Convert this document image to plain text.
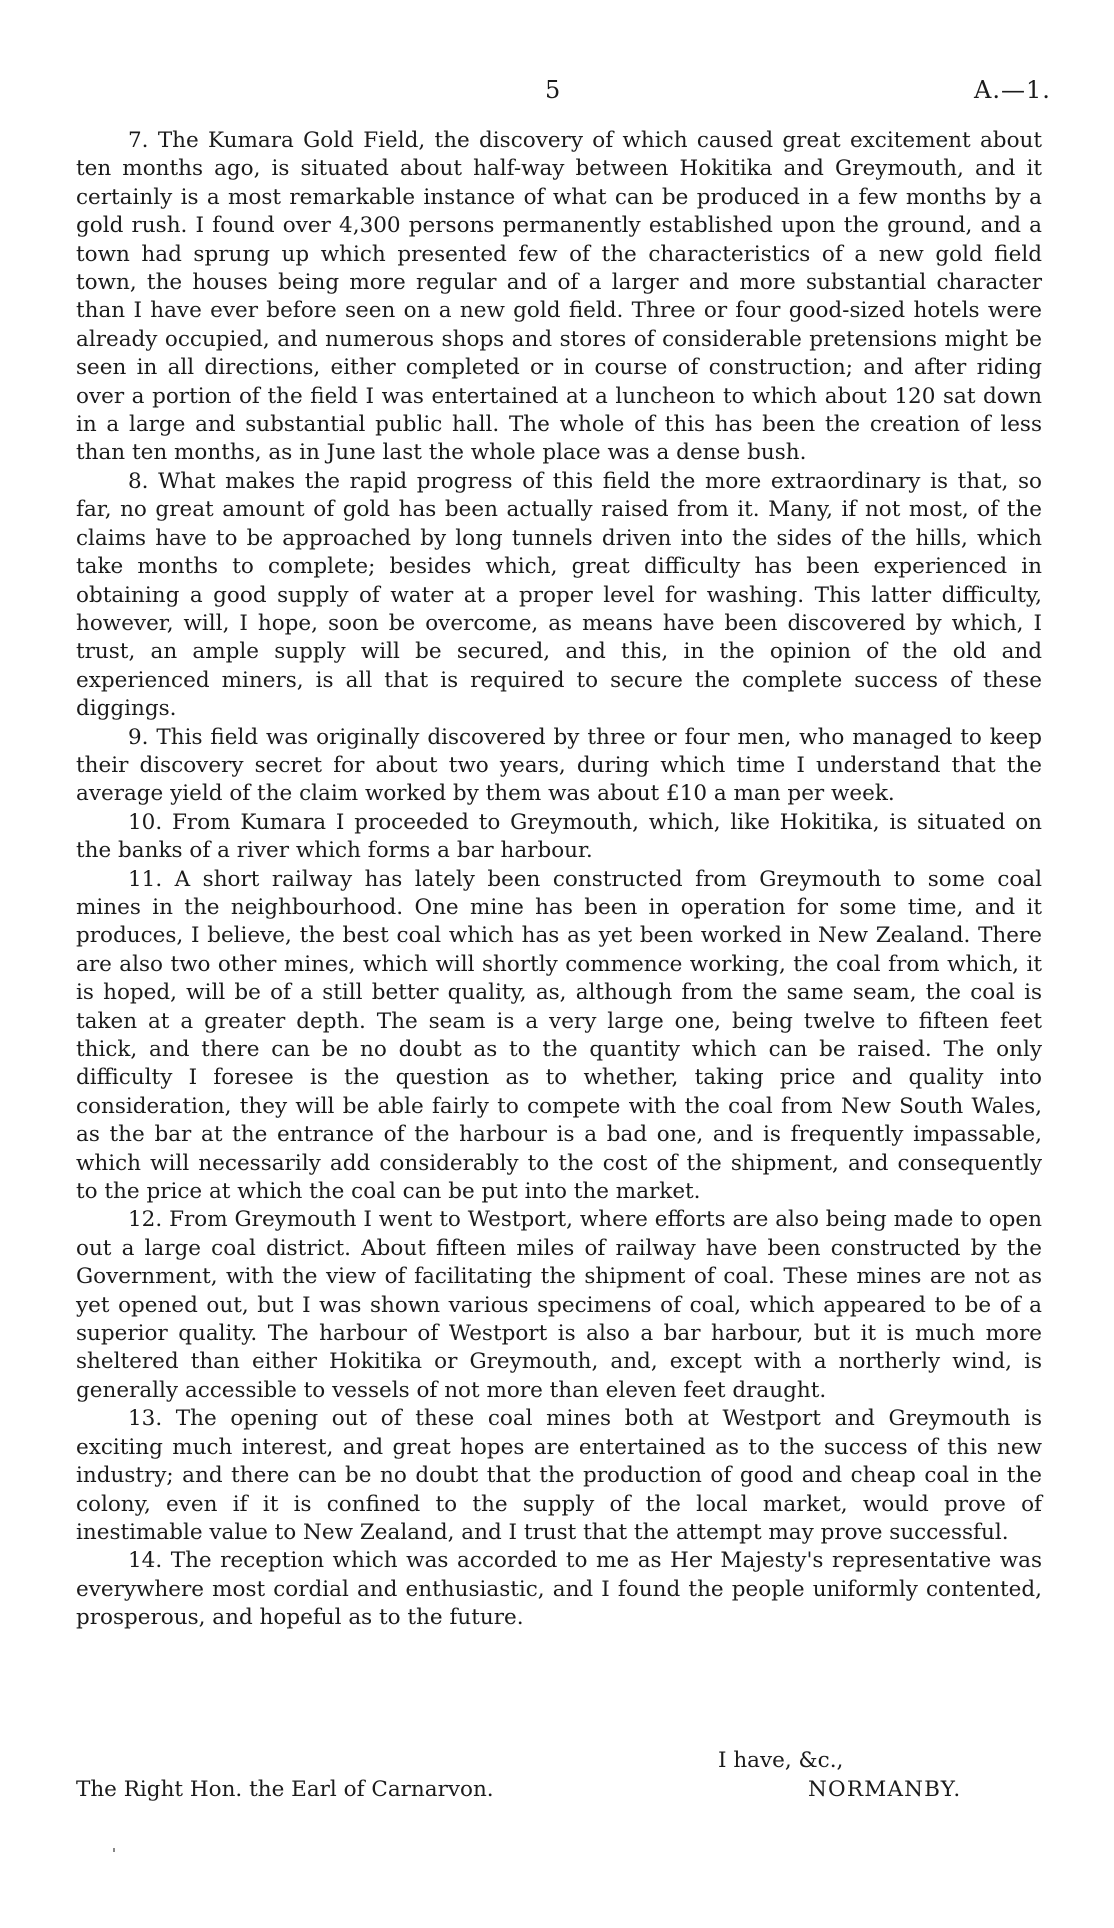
5	A.—1.

7. The Kumara Gold Field, the discovery of which caused great excitement about ten months ago, is situated about half-way between Hokitika and Greymouth, and it certainly is a most remarkable instance of what can be produced in a few months by a gold rush. I found over 4,300 persons permanently established upon the ground, and a town had sprung up which presented few of the characteristics of a new gold field town, the houses being more regular and of a larger and more substantial character than I have ever before seen on a new gold field. Three or four good-sized hotels were already occupied, and numerous shops and stores of considerable pretensions might be seen in all directions, either completed or in course of construction; and after riding over a portion of the field I was entertained at a luncheon to which about 120 sat down in a large and substantial public hall. The whole of this has been the creation of less than ten months, as in June last the whole place was a dense bush.

8. What makes the rapid progress of this field the more extraordinary is that, so far, no great amount of gold has been actually raised from it. Many, if not most, of the claims have to be approached by long tunnels driven into the sides of the hills, which take months to complete; besides which, great difficulty has been experienced in obtaining a good supply of water at a proper level for washing. This latter difficulty, however, will, I hope, soon be overcome, as means have been discovered by which, I trust, an ample supply will be secured, and this, in the opinion of the old and experienced miners, is all that is required to secure the complete success of these diggings.

9. This field was originally discovered by three or four men, who managed to keep their discovery secret for about two years, during which time I understand that the average yield of the claim worked by them was about £10 a man per week.

10. From Kumara I proceeded to Greymouth, which, like Hokitika, is situated on the banks of a river which forms a bar harbour.

11. A short railway has lately been constructed from Greymouth to some coal mines in the neighbourhood. One mine has been in operation for some time, and it produces, I believe, the best coal which has as yet been worked in New Zealand. There are also two other mines, which will shortly commence working, the coal from which, it is hoped, will be of a still better quality, as, although from the same seam, the coal is taken at a greater depth. The seam is a very large one, being twelve to fifteen feet thick, and there can be no doubt as to the quantity which can be raised. The only difficulty I foresee is the question as to whether, taking price and quality into consideration, they will be able fairly to compete with the coal from New South Wales, as the bar at the entrance of the harbour is a bad one, and is frequently impassable, which will necessarily add considerably to the cost of the shipment, and consequently to the price at which the coal can be put into the market.

12. From Greymouth I went to Westport, where efforts are also being made to open out a large coal district. About fifteen miles of railway have been constructed by the Government, with the view of facilitating the shipment of coal. These mines are not as yet opened out, but I was shown various specimens of coal, which appeared to be of a superior quality. The harbour of Westport is also a bar harbour, but it is much more sheltered than either Hokitika or Greymouth, and, except with a northerly wind, is generally accessible to vessels of not more than eleven feet draught.

13. The opening out of these coal mines both at Westport and Greymouth is exciting much interest, and great hopes are entertained as to the success of this new industry; and there can be no doubt that the production of good and cheap coal in the colony, even if it is confined to the supply of the local market, would prove of inestimable value to New Zealand, and I trust that the attempt may prove successful.

14. The reception which was accorded to me as Her Majesty's representative was everywhere most cordial and enthusiastic, and I found the people uniformly contented, prosperous, and hopeful as to the future.

I have, &c.,
The Right Hon. the Earl of Carnarvon.	NORMANBY.
